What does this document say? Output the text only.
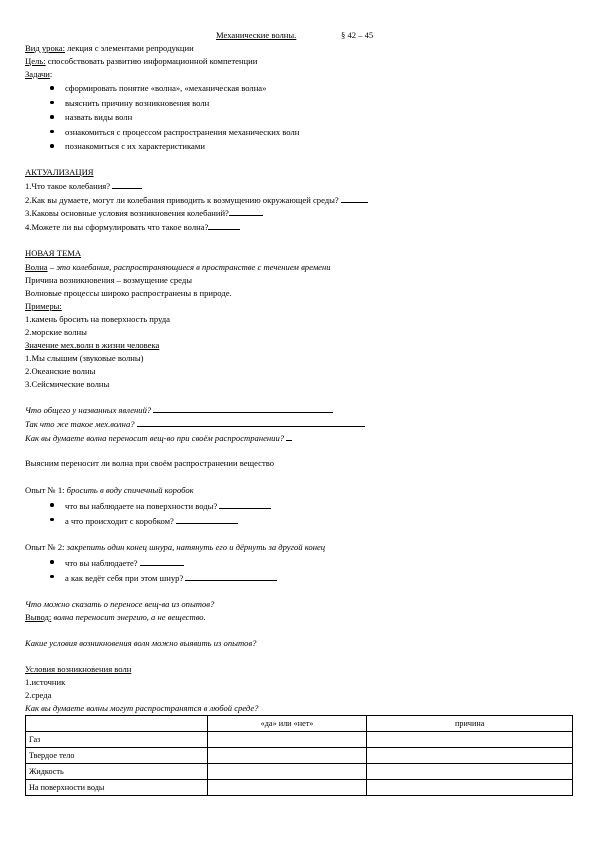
Механические волны.	§ 42 – 45
Вид урока: лекция с элементами репродукции
Цель: способствовать развитию информационной компетенции
Задачи:
сформировать понятие «волна», «механическая волна»
выяснить причину возникновения волн
назвать виды волн
ознакомиться с процессом распространения механических волн
познакомиться с их характеристиками
АКТУАЛИЗАЦИЯ
1.Что такое колебания?
2.Как вы думаете, могут ли колебания приводить к возмущению окружающей среды?
3.Каковы основные условия возникновения колебаний?
4.Можете ли вы сформулировать что такое волна?
НОВАЯ ТЕМА
Волна – это колебания, распространяющиеся в пространстве с течением времени
Причина возникновения – возмущение среды
Волновые процессы широко распространены в природе.
Примеры:
1.камень бросить на поверхность пруда
2.морские волны
Значение мех.волн в жизни человека
1.Мы слышим (звуковые волны)
2.Океанские волны
3.Сейсмические волны
Что общего у названных явлений?
Так что же такое мех.волна?
Как вы думаете волна переносит вещ-во при своём распространении?
Выясним переносит ли волна при своём распространении вещество
Опыт № 1: бросить в воду спичечный коробок
что вы наблюдаете на поверхности воды?
а что происходит с коробком?
Опыт № 2: закрепить один конец шнура, натянуть его и дёрнуть за другой конец
что вы наблюдаете?
а как ведёт себя при этом шнур?
Что можно сказать о переносе вещ-ва из опытов?
Вывод: волна переносит энергию, а не вещество.
Какие условия возникновения волн можно выявить из опытов?
Условия возникновения волн
1.источник
2.среда
Как вы думаете волны могут распространятся в любой среде?
	«да» или «нет»	причина
Газ		
Твердое тело		
Жидкость		
На поверхности воды		
